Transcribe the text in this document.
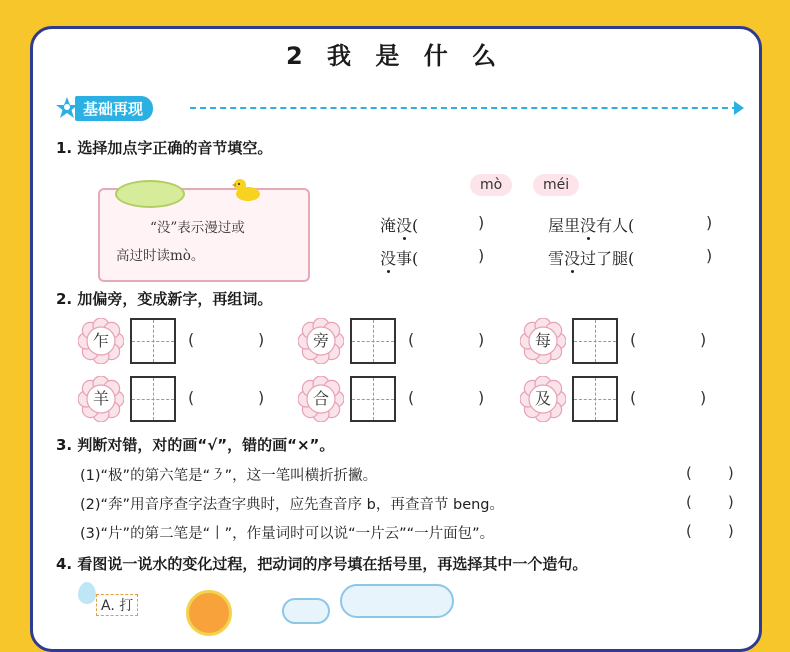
2 我 是 什 么
基础再现
1. 选择加点字正确的音节填空。
mò	méi
“没”表示漫过或
高过时读mò。
淹没(	)	屋里没有人(	)
没事(	)	雪没过了腿(	)
2. 加偏旁，变成新字，再组词。
乍	(	)	旁	(	)	每	(	)
羊	(	)	合	(	)	及	(	)
3. 判断对错，对的画“√”，错的画“×”。
(1)“极”的第六笔是“㇋”，这一笔叫横折折撇。	()
(2)“奔”用音序查字法查字典时，应先查音序 b，再查音节 beng。	()
(3)“片”的第二笔是“丨”，作量词时可以说“一片云”“一片面包”。	()
4. 看图说一说水的变化过程，把动词的序号填在括号里，再选择其中一个造句。
A. 打
